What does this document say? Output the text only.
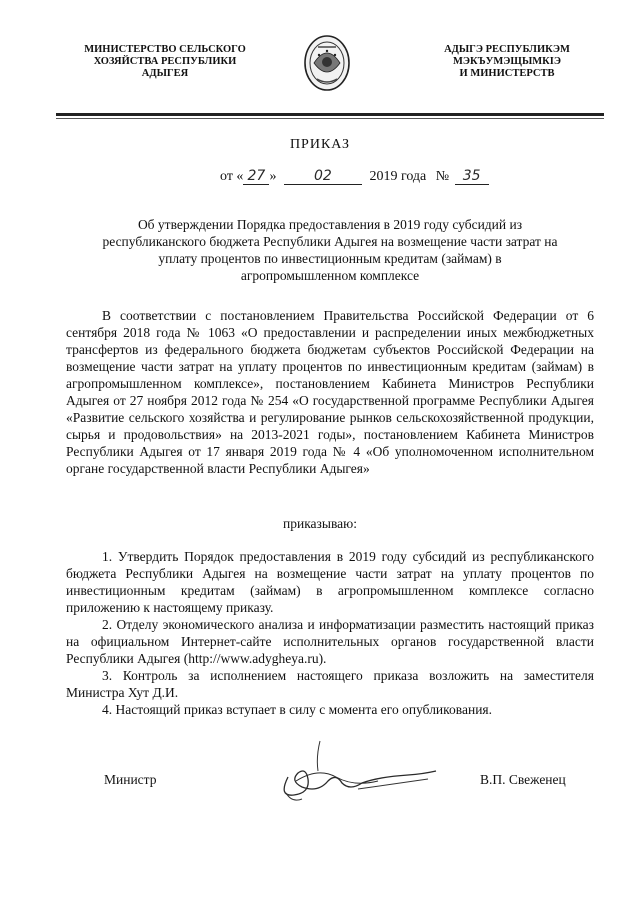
МИНИСТЕРСТВО СЕЛЬСКОГО
ХОЗЯЙСТВА РЕСПУБЛИКИ
АДЫГЕЯ
АДЫГЭ РЕСПУБЛИКЭМ
МЭКЪУМЭЩЫМКIЭ
И МИНИСТЕРСТВ
ПРИКАЗ
от « 27 »	02	2019 года № 35
Об утверждении Порядка предоставления в 2019 году субсидий из республиканского бюджета Республики Адыгея на возмещение части затрат на уплату процентов по инвестиционным кредитам (займам) в агропромышленном комплексе
В соответствии с постановлением Правительства Российской Федерации от 6 сентября 2018 года № 1063 «О предоставлении и распределении иных межбюджетных трансфертов из федерального бюджета бюджетам субъектов Российской Федерации на возмещение части затрат на уплату процентов по инвестиционным кредитам (займам) в агропромышленном комплексе», постановлением Кабинета Министров Республики Адыгея от 27 ноября 2012 года № 254 «О государственной программе Республики Адыгея «Развитие сельского хозяйства и регулирование рынков сельскохозяйственной продукции, сырья и продовольствия» на 2013-2021 годы», постановлением Кабинета Министров Республики Адыгея от 17 января 2019 года № 4 «Об уполномоченном исполнительном органе государственной власти Республики Адыгея»
приказываю:
1. Утвердить Порядок предоставления в 2019 году субсидий из республиканского бюджета Республики Адыгея на возмещение части затрат на уплату процентов по инвестиционным кредитам (займам) в агропромышленном комплексе согласно приложению к настоящему приказу.
2. Отделу экономического анализа и информатизации разместить настоящий приказ на официальном Интернет-сайте исполнительных органов государственной власти Республики Адыгея (http://www.adygheya.ru).
3. Контроль за исполнением настоящего приказа возложить на заместителя Министра Хут Д.И.
4. Настоящий приказ вступает в силу с момента его опубликования.
Министр	В.П. Свеженец
